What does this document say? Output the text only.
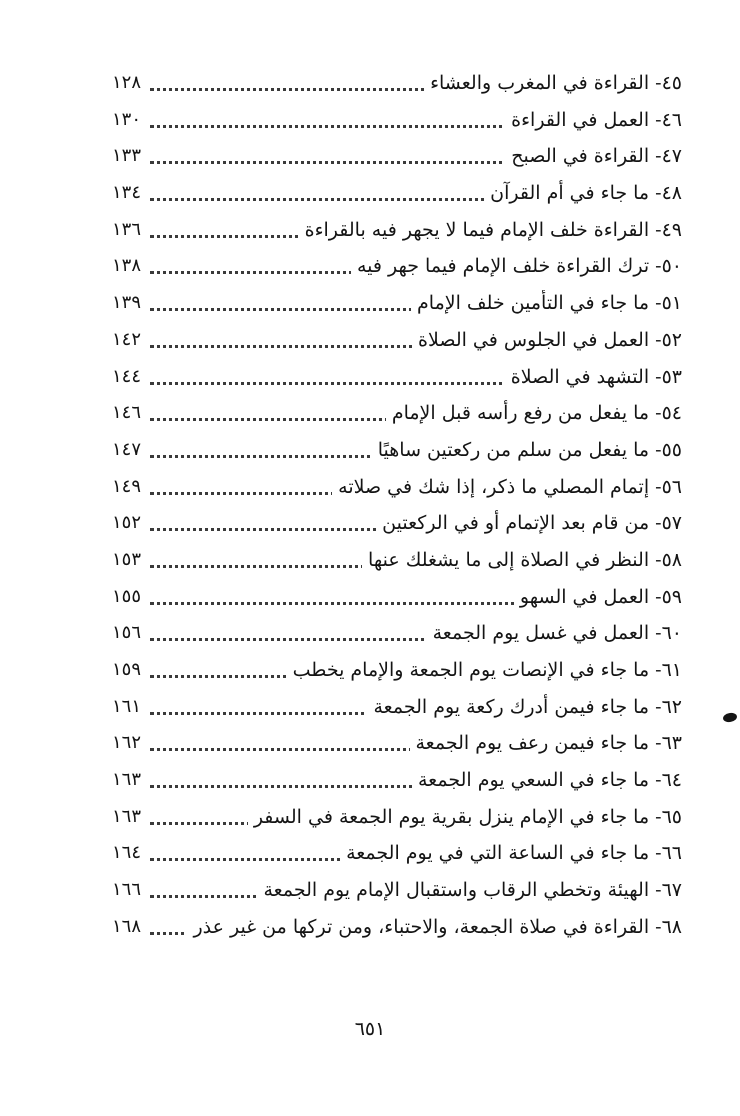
٤٥- القراءة في المغرب والعشاء
١٢٨
٤٦- العمل في القراءة
١٣٠
٤٧- القراءة في الصبح
١٣٣
٤٨- ما جاء في أم القرآن
١٣٤
٤٩- القراءة خلف الإمام فيما لا يجهر فيه بالقراءة
١٣٦
٥٠- ترك القراءة خلف الإمام فيما جهر فيه
١٣٨
٥١- ما جاء في التأمين خلف الإمام
١٣٩
٥٢- العمل في الجلوس في الصلاة
١٤٢
٥٣- التشهد في الصلاة
١٤٤
٥٤- ما يفعل من رفع رأسه قبل الإمام
١٤٦
٥٥- ما يفعل من سلم من ركعتين ساهيًا
١٤٧
٥٦- إتمام المصلي ما ذكر، إذا شك في صلاته
١٤٩
٥٧- من قام بعد الإتمام أو في الركعتين
١٥٢
٥٨- النظر في الصلاة إلى ما يشغلك عنها
١٥٣
٥٩- العمل في السهو
١٥٥
٦٠- العمل في غسل يوم الجمعة
١٥٦
٦١- ما جاء في الإنصات يوم الجمعة والإمام يخطب
١٥٩
٦٢- ما جاء فيمن أدرك ركعة يوم الجمعة
١٦١
٦٣- ما جاء فيمن رعف يوم الجمعة
١٦٢
٦٤- ما جاء في السعي يوم الجمعة
١٦٣
٦٥- ما جاء في الإمام ينزل بقرية يوم الجمعة في السفر
١٦٣
٦٦- ما جاء في الساعة التي في يوم الجمعة
١٦٤
٦٧- الهيئة وتخطي الرقاب واستقبال الإمام يوم الجمعة
١٦٦
٦٨- القراءة في صلاة الجمعة، والاحتباء، ومن تركها من غير عذر
١٦٨
٦٥١
